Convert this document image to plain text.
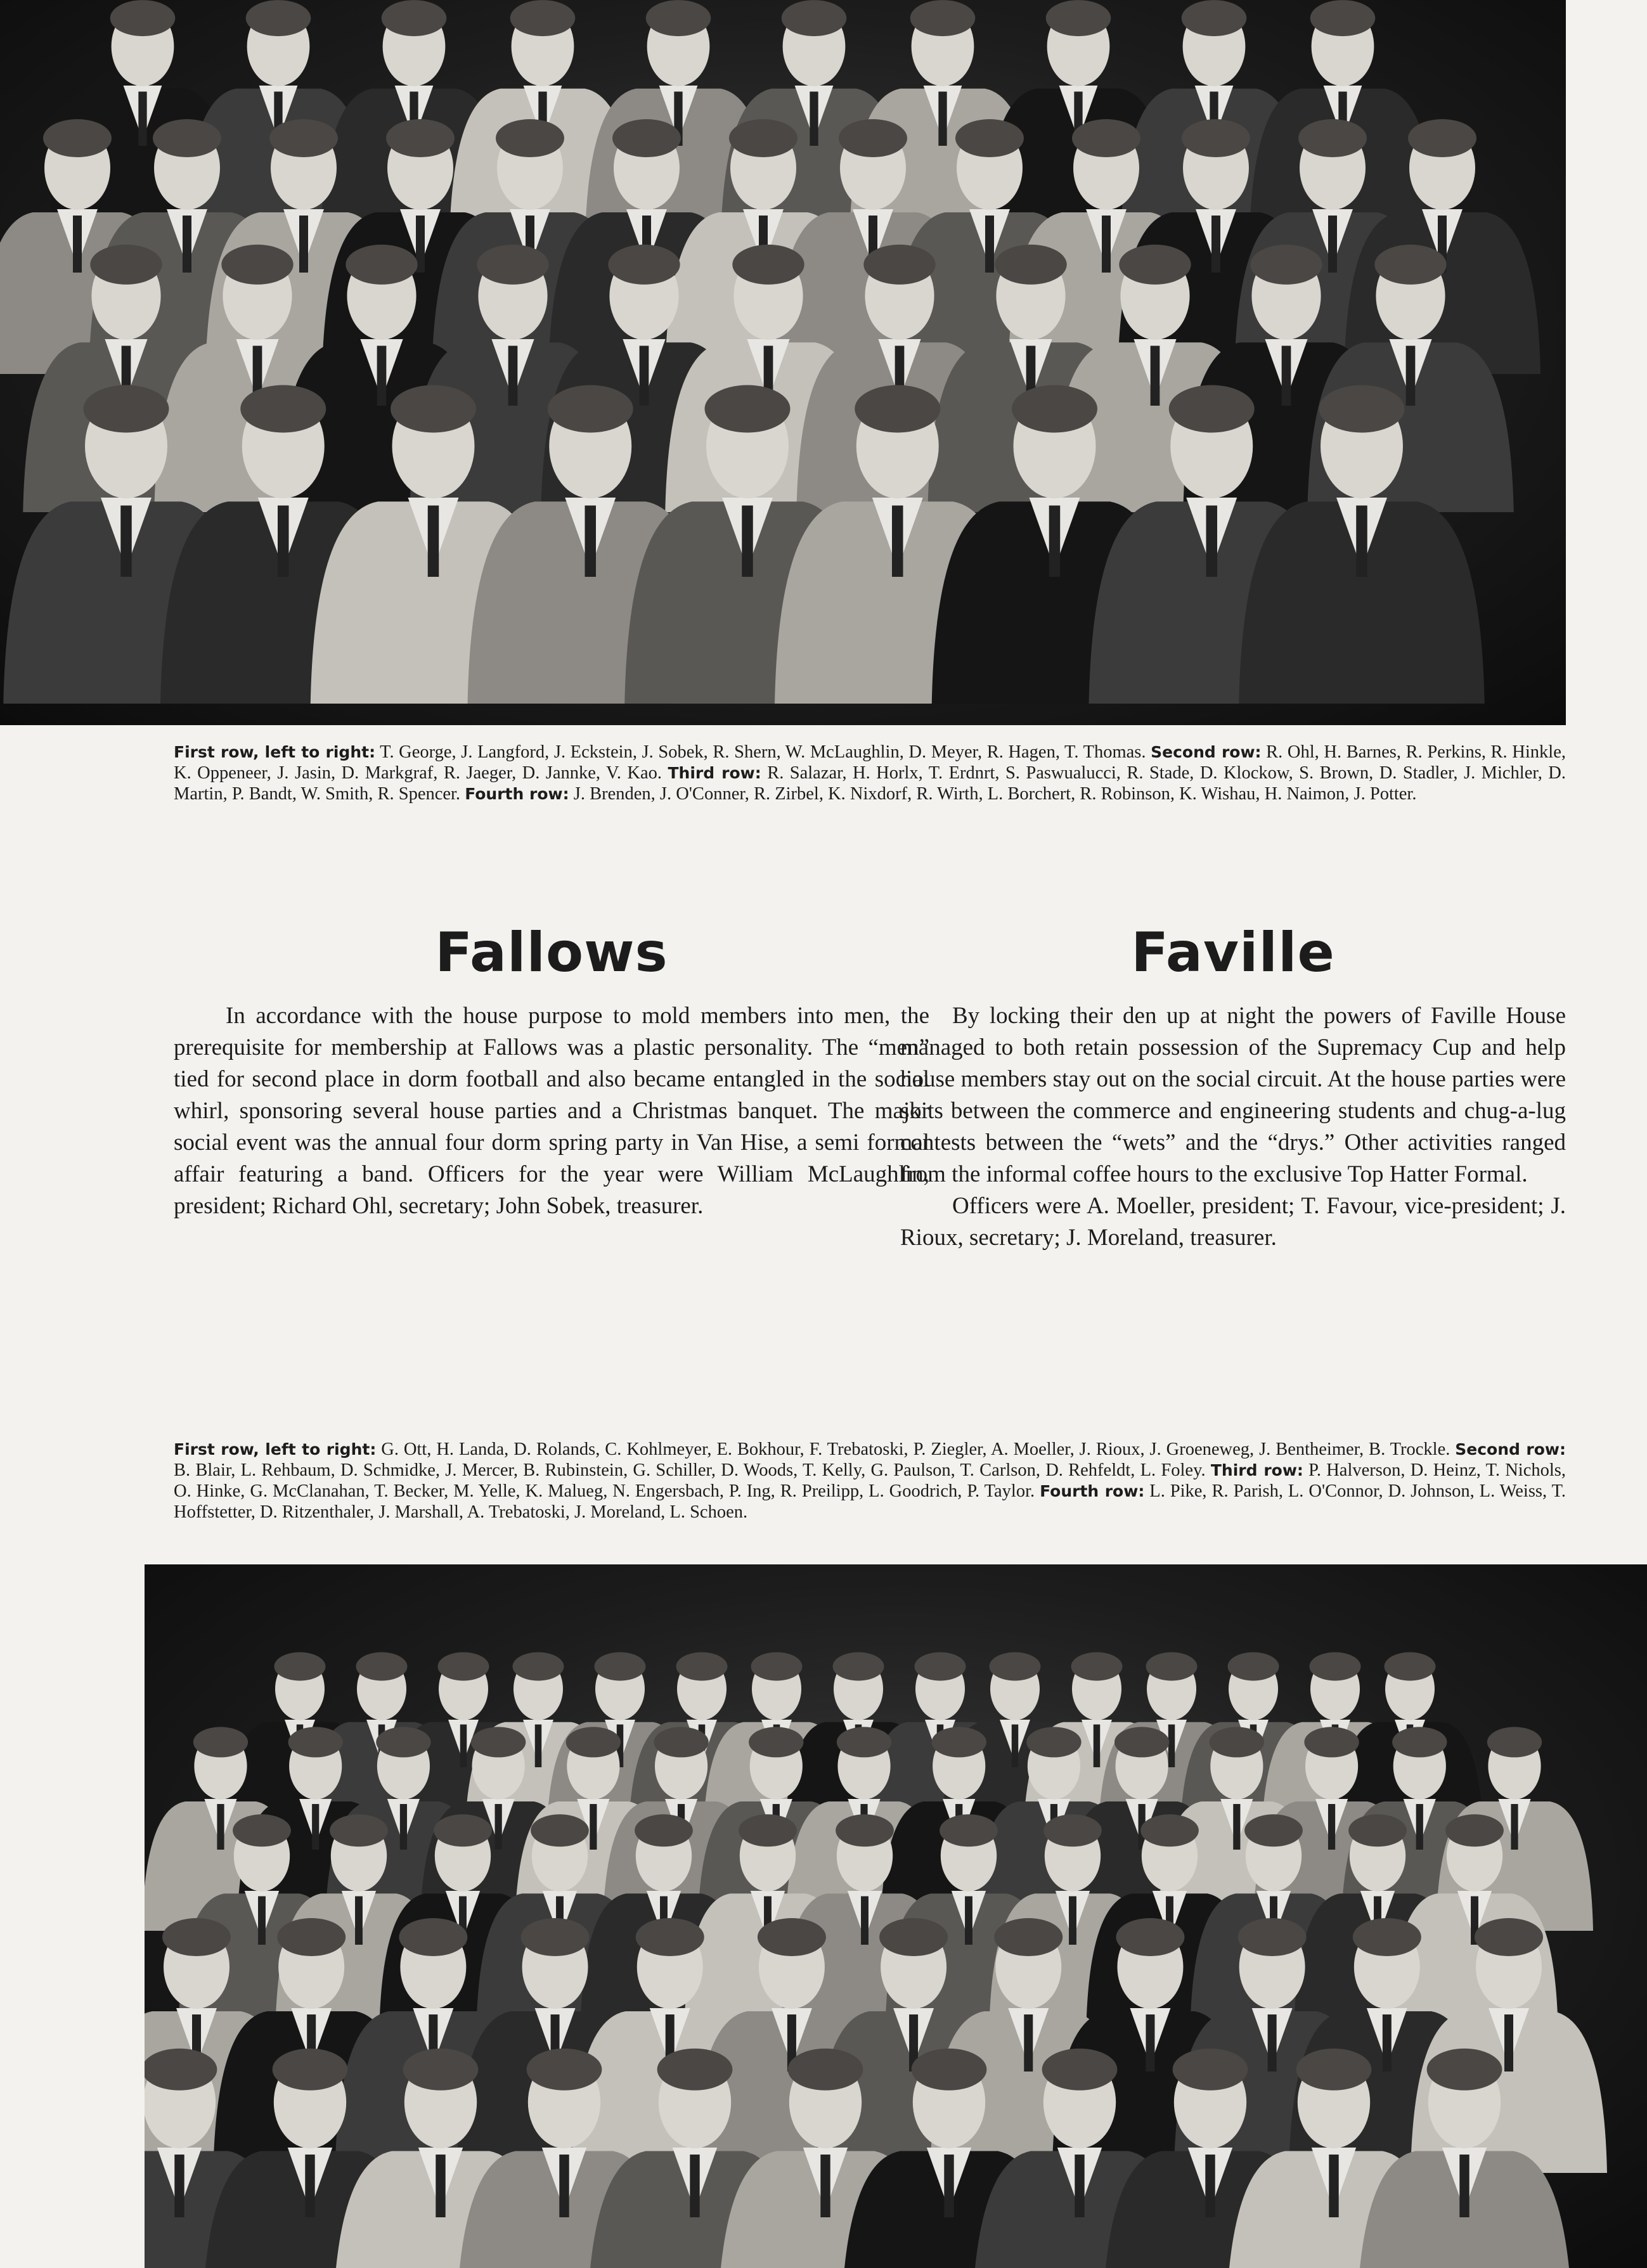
First row, left to right: T. George, J. Langford, J. Eckstein, J. Sobek, R. Shern, W. McLaughlin, D. Meyer, R. Hagen, T. Thomas. Second row: R. Ohl, H. Barnes, R. Perkins, R. Hinkle, K. Oppeneer, J. Jasin, D. Markgraf, R. Jaeger, D. Jannke, V. Kao. Third row: R. Salazar, H. Horlx, T. Erdnrt, S. Paswualucci, R. Stade, D. Klockow, S. Brown, D. Stadler, J. Michler, D. Martin, P. Bandt, W. Smith, R. Spencer. Fourth row: J. Brenden, J. O'Conner, R. Zirbel, K. Nixdorf, R. Wirth, L. Borchert, R. Robinson, K. Wishau, H. Naimon, J. Potter.
Fallows	Faville

In accordance with the house purpose to mold members into men, the prerequisite for membership at Fallows was a plastic personality. The “men” tied for second place in dorm football and also became entangled in the social whirl, sponsoring several house parties and a Christmas banquet. The major social event was the annual four dorm spring party in Van Hise, a semi formal affair featuring a band. Officers for the year were William McLaughlin, president; Richard Ohl, secretary; John Sobek, treasurer.

By locking their den up at night the powers of Faville House managed to both retain possession of the Supremacy Cup and help house members stay out on the social circuit. At the house parties were skits between the commerce and engineering students and chug-a-lug contests between the “wets” and the “drys.” Other activities ranged from the informal coffee hours to the exclusive Top Hatter Formal.

Officers were A. Moeller, president; T. Favour, vice-president; J. Rioux, secretary; J. Moreland, treasurer.

First row, left to right: G. Ott, H. Landa, D. Rolands, C. Kohlmeyer, E. Bokhour, F. Trebatoski, P. Ziegler, A. Moeller, J. Rioux, J. Groeneweg, J. Bentheimer, B. Trockle. Second row: B. Blair, L. Rehbaum, D. Schmidke, J. Mercer, B. Rubinstein, G. Schiller, D. Woods, T. Kelly, G. Paulson, T. Carlson, D. Rehfeldt, L. Foley. Third row: P. Halverson, D. Heinz, T. Nichols, O. Hinke, G. McClanahan, T. Becker, M. Yelle, K. Malueg, N. Engersbach, P. Ing, R. Preilipp, L. Goodrich, P. Taylor. Fourth row: L. Pike, R. Parish, L. O'Connor, D. Johnson, L. Weiss, T. Hoffstetter, D. Ritzenthaler, J. Marshall, A. Trebatoski, J. Moreland, L. Schoen.
